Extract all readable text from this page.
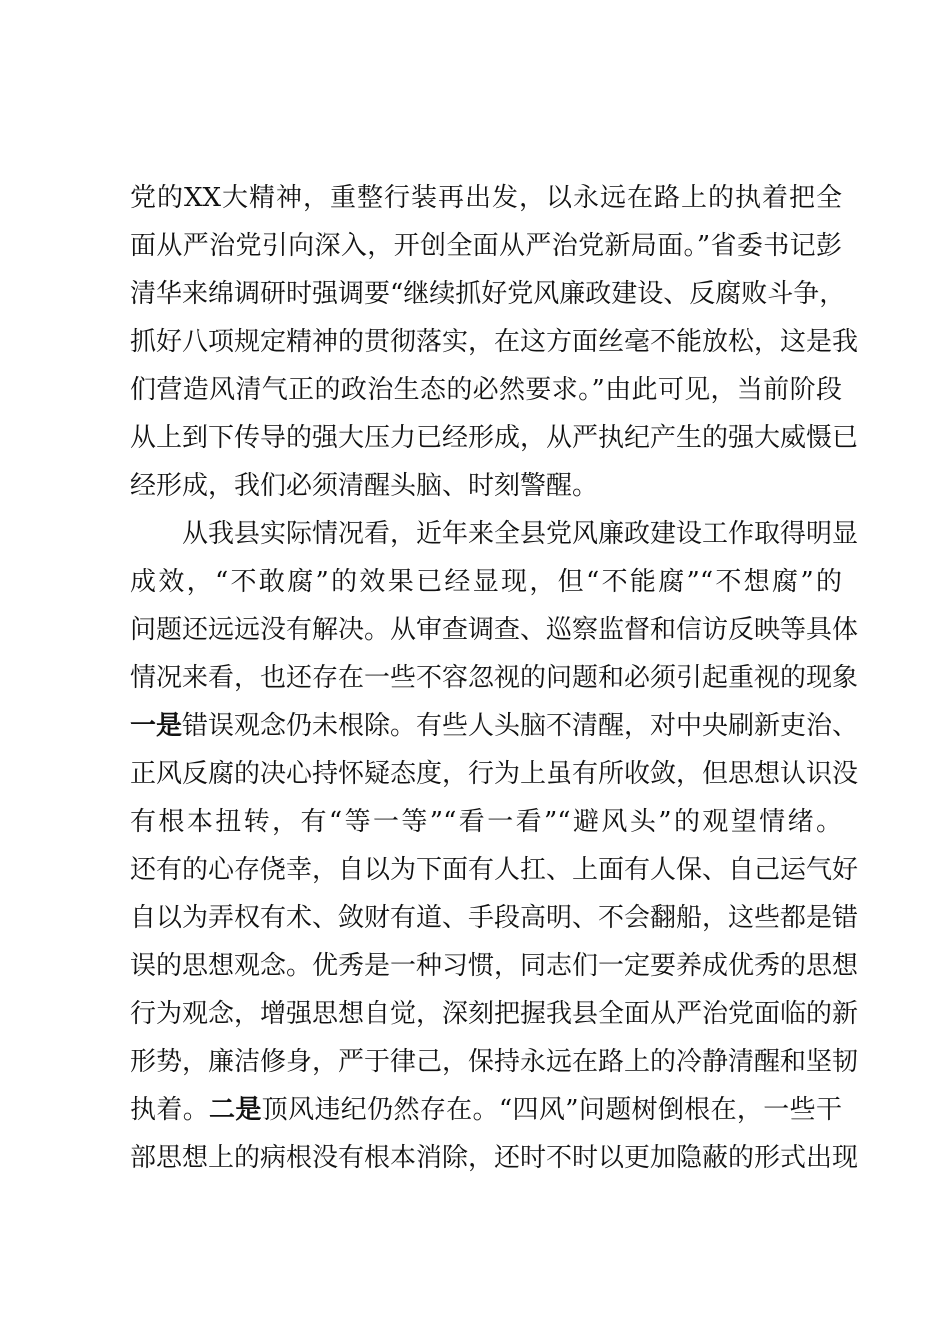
党的XX大精神，重整行装再出发，以永远在路上的执着把全
面从严治党引向深入，开创全面从严治党新局面。”省委书记彭
清华来绵调研时强调要“继续抓好党风廉政建设、反腐败斗争，
抓好八项规定精神的贯彻落实，在这方面丝毫不能放松，这是我
们营造风清气正的政治生态的必然要求。”由此可见，当前阶段
从上到下传导的强大压力已经形成，从严执纪产生的强大威慑已
经形成，我们必须清醒头脑、时刻警醒。
从我县实际情况看，近年来全县党风廉政建设工作取得明显
成效，“不敢腐”的效果已经显现，但“不能腐”“不想腐”的
问题还远远没有解决。从审查调查、巡察监督和信访反映等具体
情况来看，也还存在一些不容忽视的问题和必须引起重视的现象
一是错误观念仍未根除。有些人头脑不清醒，对中央刷新吏治、
正风反腐的决心持怀疑态度，行为上虽有所收敛，但思想认识没
有根本扭转，有“等一等”“看一看”“避风头”的观望情绪。
还有的心存侥幸，自以为下面有人扛、上面有人保、自己运气好
自以为弄权有术、敛财有道、手段高明、不会翻船，这些都是错
误的思想观念。优秀是一种习惯，同志们一定要养成优秀的思想
行为观念，增强思想自觉，深刻把握我县全面从严治党面临的新
形势，廉洁修身，严于律己，保持永远在路上的冷静清醒和坚韧
执着。二是顶风违纪仍然存在。“四风”问题树倒根在，一些干
部思想上的病根没有根本消除，还时不时以更加隐蔽的形式出现
